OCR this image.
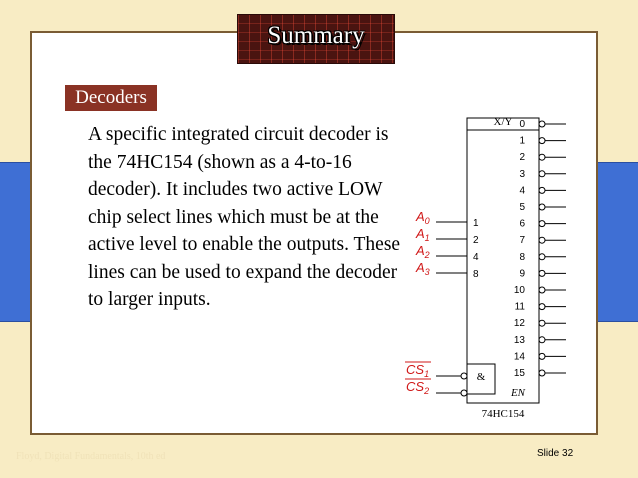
Summary
Decoders
A specific integrated circuit decoder is the 74HC154 (shown as a 4-to-16 decoder). It includes two active LOW chip select lines which must be at the active level to enable the outputs. These lines can be used to expand the decoder to larger inputs.
X/Y 0
1
2
3
4
5
6
7
8
9
10
11
12
13
14
15
1
$A_0$
2
$A_1$
4
$A_2$
8
$A_3$
&
EN
$CS_1$
$CS_2$
74HC154
Floyd, Digital Fundamentals, 10th ed	Slide 32
